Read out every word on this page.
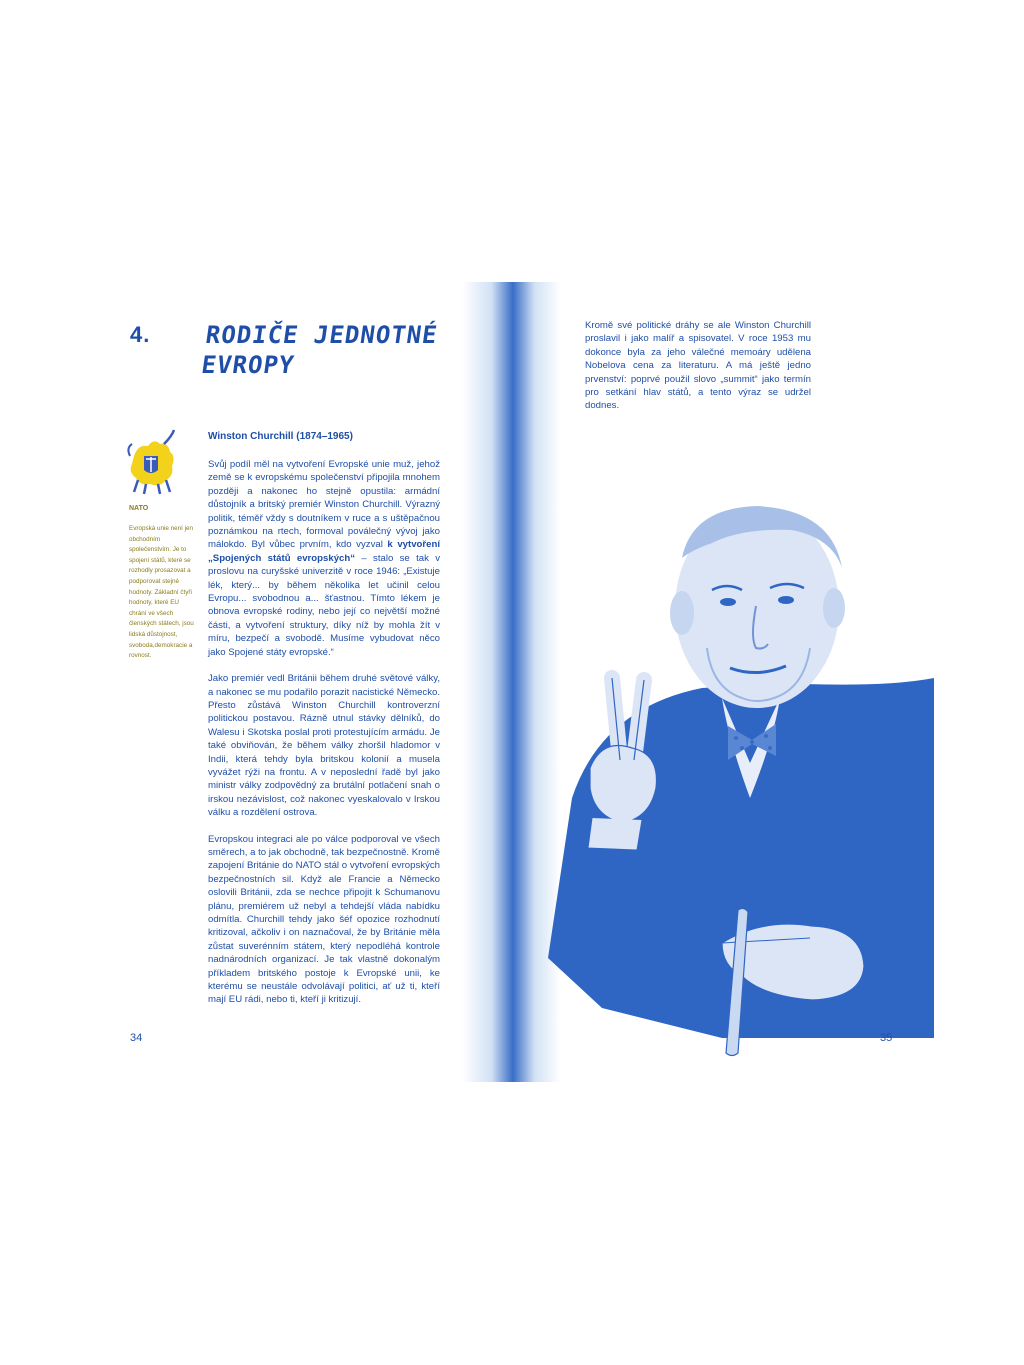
4. RODIČE JEDNOTNÉ EVROPY
NATO
Evropská unie není jen obchodním společenstvím. Je to spojení států, které se rozhodly prosazovat a podporovat stejné hodnoty. Základní čtyři hodnoty, které EU chrání ve všech členských státech, jsou lidská důstojnost, svoboda,demokracie a rovnost.
Winston Churchill (1874–1965)

Svůj podíl měl na vytvoření Evropské unie muž, jehož země se k evropskému společenství připojila mnohem později a nakonec ho stejně opustila: armádní důstojník a britský premiér Winston Churchill. Výrazný politik, téměř vždy s doutníkem v ruce a s uštěpačnou poznámkou na rtech, formoval poválečný vývoj jako málokdo. Byl vůbec prvním, kdo vyzval k vytvoření „Spojených států evropských“ – stalo se tak v proslovu na curyšské univerzitě v roce 1946: „Existuje lék, který... by během několika let učinil celou Evropu... svobodnou a... šťastnou. Tímto lékem je obnova evropské rodiny, nebo její co největší možné části, a vytvoření struktury, díky níž by mohla žít v míru, bezpečí a svobodě. Musíme vybudovat něco jako Spojené státy evropské.“

Jako premiér vedl Británii během druhé světové války, a nakonec se mu podařilo porazit nacistické Německo. Přesto zůstává Winston Churchill kontroverzní politickou postavou. Rázně utnul stávky dělníků, do Walesu i Skotska poslal proti protestujícím armádu. Je také obviňován, že během války zhoršil hladomor v Indii, která tehdy byla britskou kolonií a musela vyvážet rýži na frontu. A v neposlední řadě byl jako ministr války zodpovědný za brutální potlačení snah o irskou nezávislost, což nakonec vyeskalovalo v Irskou válku a rozdělení ostrova.

Evropskou integraci ale po válce podporoval ve všech směrech, a to jak obchodně, tak bezpečnostně. Kromě zapojení Británie do NATO stál o vytvoření evropských bezpečnostních sil. Když ale Francie a Německo oslovili Británii, zda se nechce připojit k Schumanovu plánu, premiérem už nebyl a tehdejší vláda nabídku odmítla. Churchill tehdy jako šéf opozice rozhodnutí kritizoval, ačkoliv i on naznačoval, že by Británie měla zůstat suverénním státem, který nepodléhá kontrole nadnárodních organizací. Je tak vlastně dokonalým příkladem britského postoje k Evropské unii, ke kterému se neustále odvolávají politici, ať už ti, kteří mají EU rádi, nebo ti, kteří ji kritizují.

34
Kromě své politické dráhy se ale Winston Churchill proslavil i jako malíř a spisovatel. V roce 1953 mu dokonce byla za jeho válečné memoáry udělena Nobelova cena za literaturu. A má ještě jedno prvenství: poprvé použil slovo „summit“ jako termín pro setkání hlav států, a tento výraz se udržel dodnes.
35
